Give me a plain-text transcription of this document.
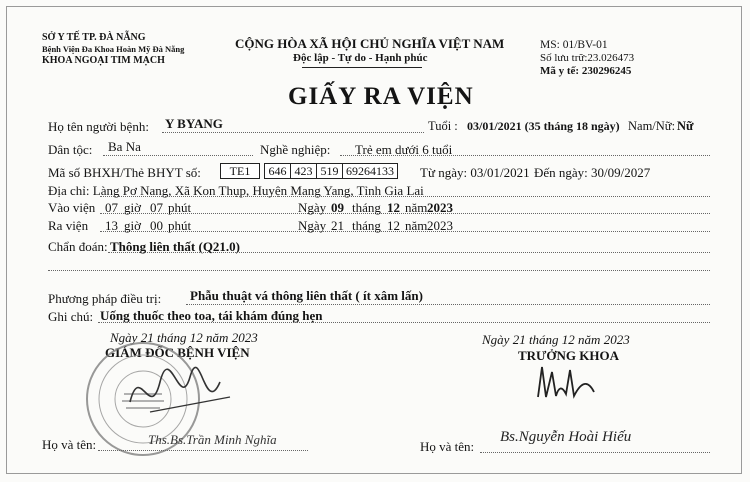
SỞ Y TẾ TP. ĐÀ NẴNG
Bệnh Viện Đa Khoa Hoàn Mỹ Đà Nẵng
KHOA NGOẠI TIM MẠCH
CỘNG HÒA XÃ HỘI CHỦ NGHĨA VIỆT NAM
Độc lập - Tự do - Hạnh phúc
MS: 01/BV-01
Số lưu trữ:23.026473
Mã y tế: 230296245
GIẤY RA VIỆN
Họ tên người bệnh: Y BYANG	Tuổi : 03/01/2021 (35 tháng 18 ngày) Nam/Nữ: Nữ
Dân tộc: Ba Na	Nghề nghiệp: Trẻ em dưới 6 tuổi
Mã số BHXH/Thẻ BHYT số:	TE1	646 423 519 69264133	Từ ngày: 03/01/2021 Đến ngày: 30/09/2027
Địa chỉ: Làng Pơ Nang, Xã Kon Thụp, Huyện Mang Yang, Tỉnh Gia Lai
Vào viện 07 giờ 07 phút	Ngày 09 tháng 12 năm 2023
Ra viện 13 giờ 00 phút	Ngày 21 tháng 12 năm 2023
Chẩn đoán: Thông liên thất (Q21.0)
Phương pháp điều trị: Phẫu thuật vá thông liên thất ( ít xâm lấn)
Ghi chú: Uống thuốc theo toa, tái khám đúng hẹn
Ngày 21 tháng 12 năm 2023
GIÁM ĐỐC BỆNH VIỆN
Họ và tên:	Ths.Bs.Trần Minh Nghĩa
Ngày 21 tháng 12 năm 2023
TRƯỞNG KHOA
Họ và tên:
Bs.Nguyễn Hoài Hiếu
